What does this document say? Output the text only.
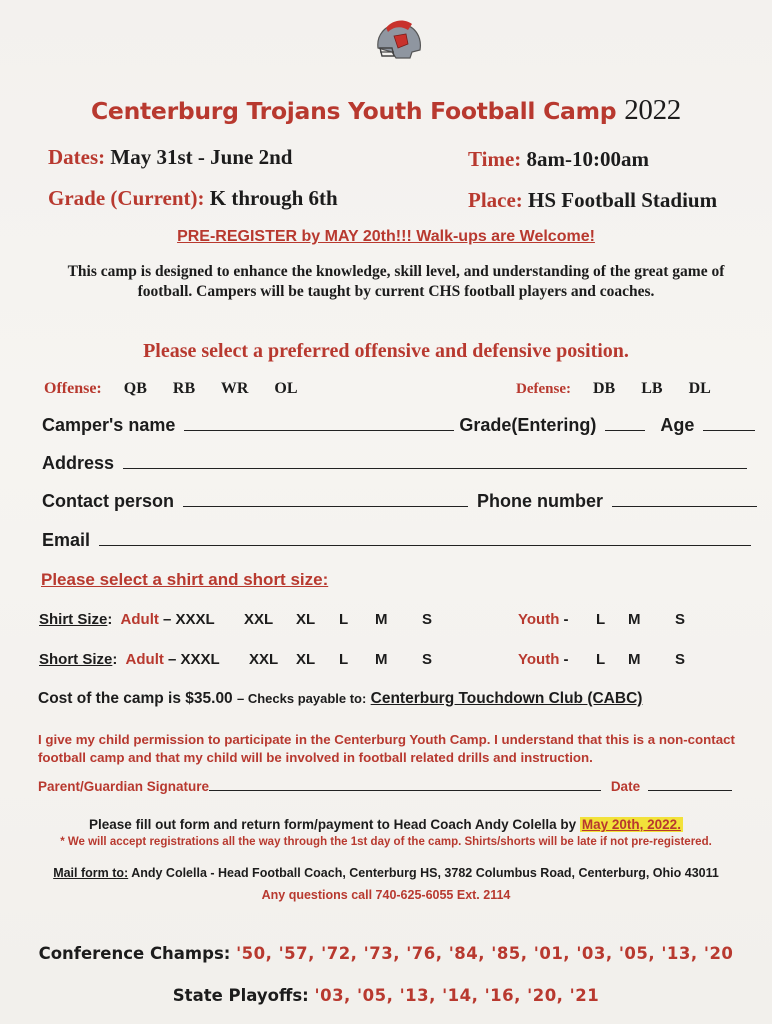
Centerburg Trojans Youth Football Camp 2022
Dates: May 31st - June 2nd	Time: 8am-10:00am
Grade (Current): K through 6th	Place: HS Football Stadium
PRE-REGISTER by MAY 20th!!! Walk-ups are Welcome!
This camp is designed to enhance the knowledge, skill level, and understanding of the great game of football. Campers will be taught by current CHS football players and coaches.
Please select a preferred offensive and defensive position.
Offense: QB RB WR OL	Defense: DB LB DL
Camper's name	Grade(Entering)	Age
Address
Contact person	Phone number
Email
Please select a shirt and short size:
Shirt Size: Adult – XXXL XXL XL L M S	Youth - L M S
Short Size: Adult – XXXL XXL XL L M S	Youth - L M S
Cost of the camp is $35.00 – Checks payable to: Centerburg Touchdown Club (CABC)
I give my child permission to participate in the Centerburg Youth Camp. I understand that this is a non-contact football camp and that my child will be involved in football related drills and instruction.
Parent/Guardian Signature	Date
Please fill out form and return form/payment to Head Coach Andy Colella by May 20th, 2022.
* We will accept registrations all the way through the 1st day of the camp. Shirts/shorts will be late if not pre-registered.
Mail form to: Andy Colella - Head Football Coach, Centerburg HS, 3782 Columbus Road, Centerburg, Ohio 43011
Any questions call 740-625-6055 Ext. 2114
Conference Champs: '50, '57, '72, '73, '76, '84, '85, '01, '03, '05, '13, '20
State Playoffs: '03, '05, '13, '14, '16, '20, '21
